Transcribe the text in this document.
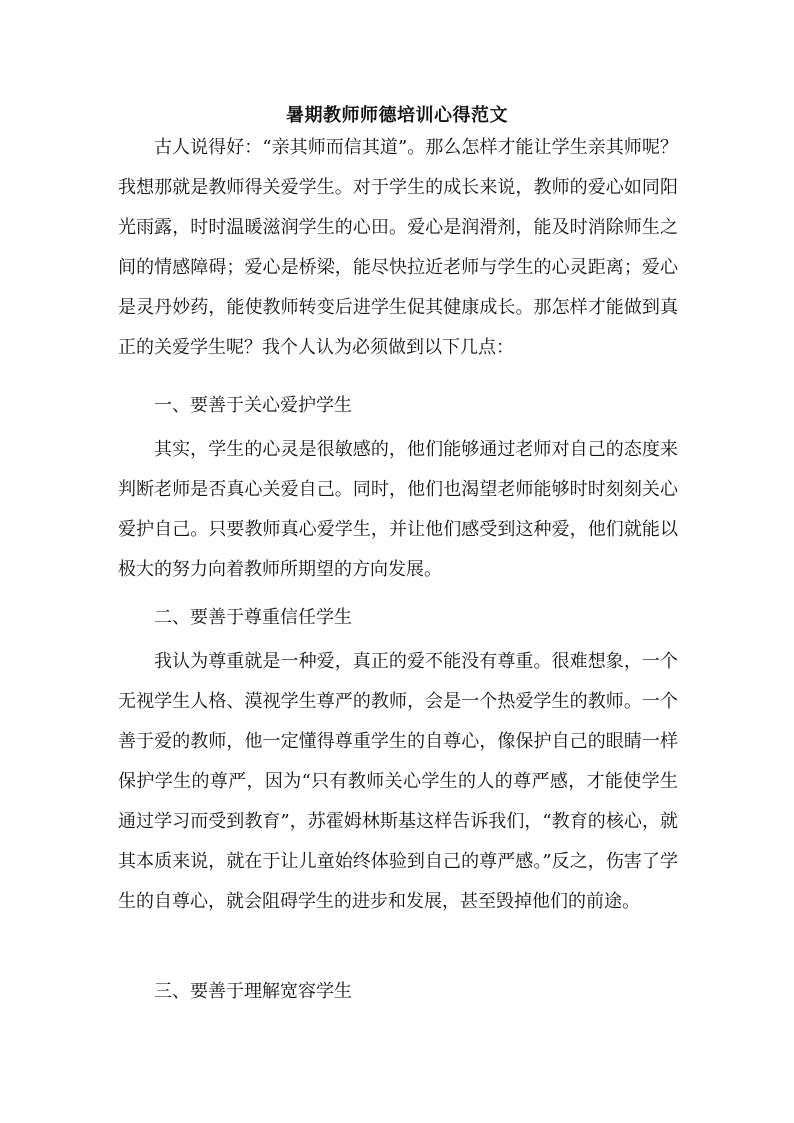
暑期教师师德培训心得范文
古人说得好：“亲其师而信其道”。那么怎样才能让学生亲其师呢？我想那就是教师得关爱学生。对于学生的成长来说，教师的爱心如同阳光雨露，时时温暖滋润学生的心田。爱心是润滑剂，能及时消除师生之间的情感障碍；爱心是桥梁，能尽快拉近老师与学生的心灵距离；爱心是灵丹妙药，能使教师转变后进学生促其健康成长。那怎样才能做到真正的关爱学生呢？我个人认为必须做到以下几点：
一、要善于关心爱护学生
其实，学生的心灵是很敏感的，他们能够通过老师对自己的态度来判断老师是否真心关爱自己。同时，他们也渴望老师能够时时刻刻关心爱护自己。只要教师真心爱学生，并让他们感受到这种爱，他们就能以极大的努力向着教师所期望的方向发展。
二、要善于尊重信任学生
我认为尊重就是一种爱，真正的爱不能没有尊重。很难想象，一个无视学生人格、漠视学生尊严的教师，会是一个热爱学生的教师。一个善于爱的教师，他一定懂得尊重学生的自尊心，像保护自己的眼睛一样保护学生的尊严，因为“只有教师关心学生的人的尊严感，才能使学生通过学习而受到教育”，苏霍姆林斯基这样告诉我们，“教育的核心，就其本质来说，就在于让儿童始终体验到自己的尊严感。”反之，伤害了学生的自尊心，就会阻碍学生的进步和发展，甚至毁掉他们的前途。
三、要善于理解宽容学生
